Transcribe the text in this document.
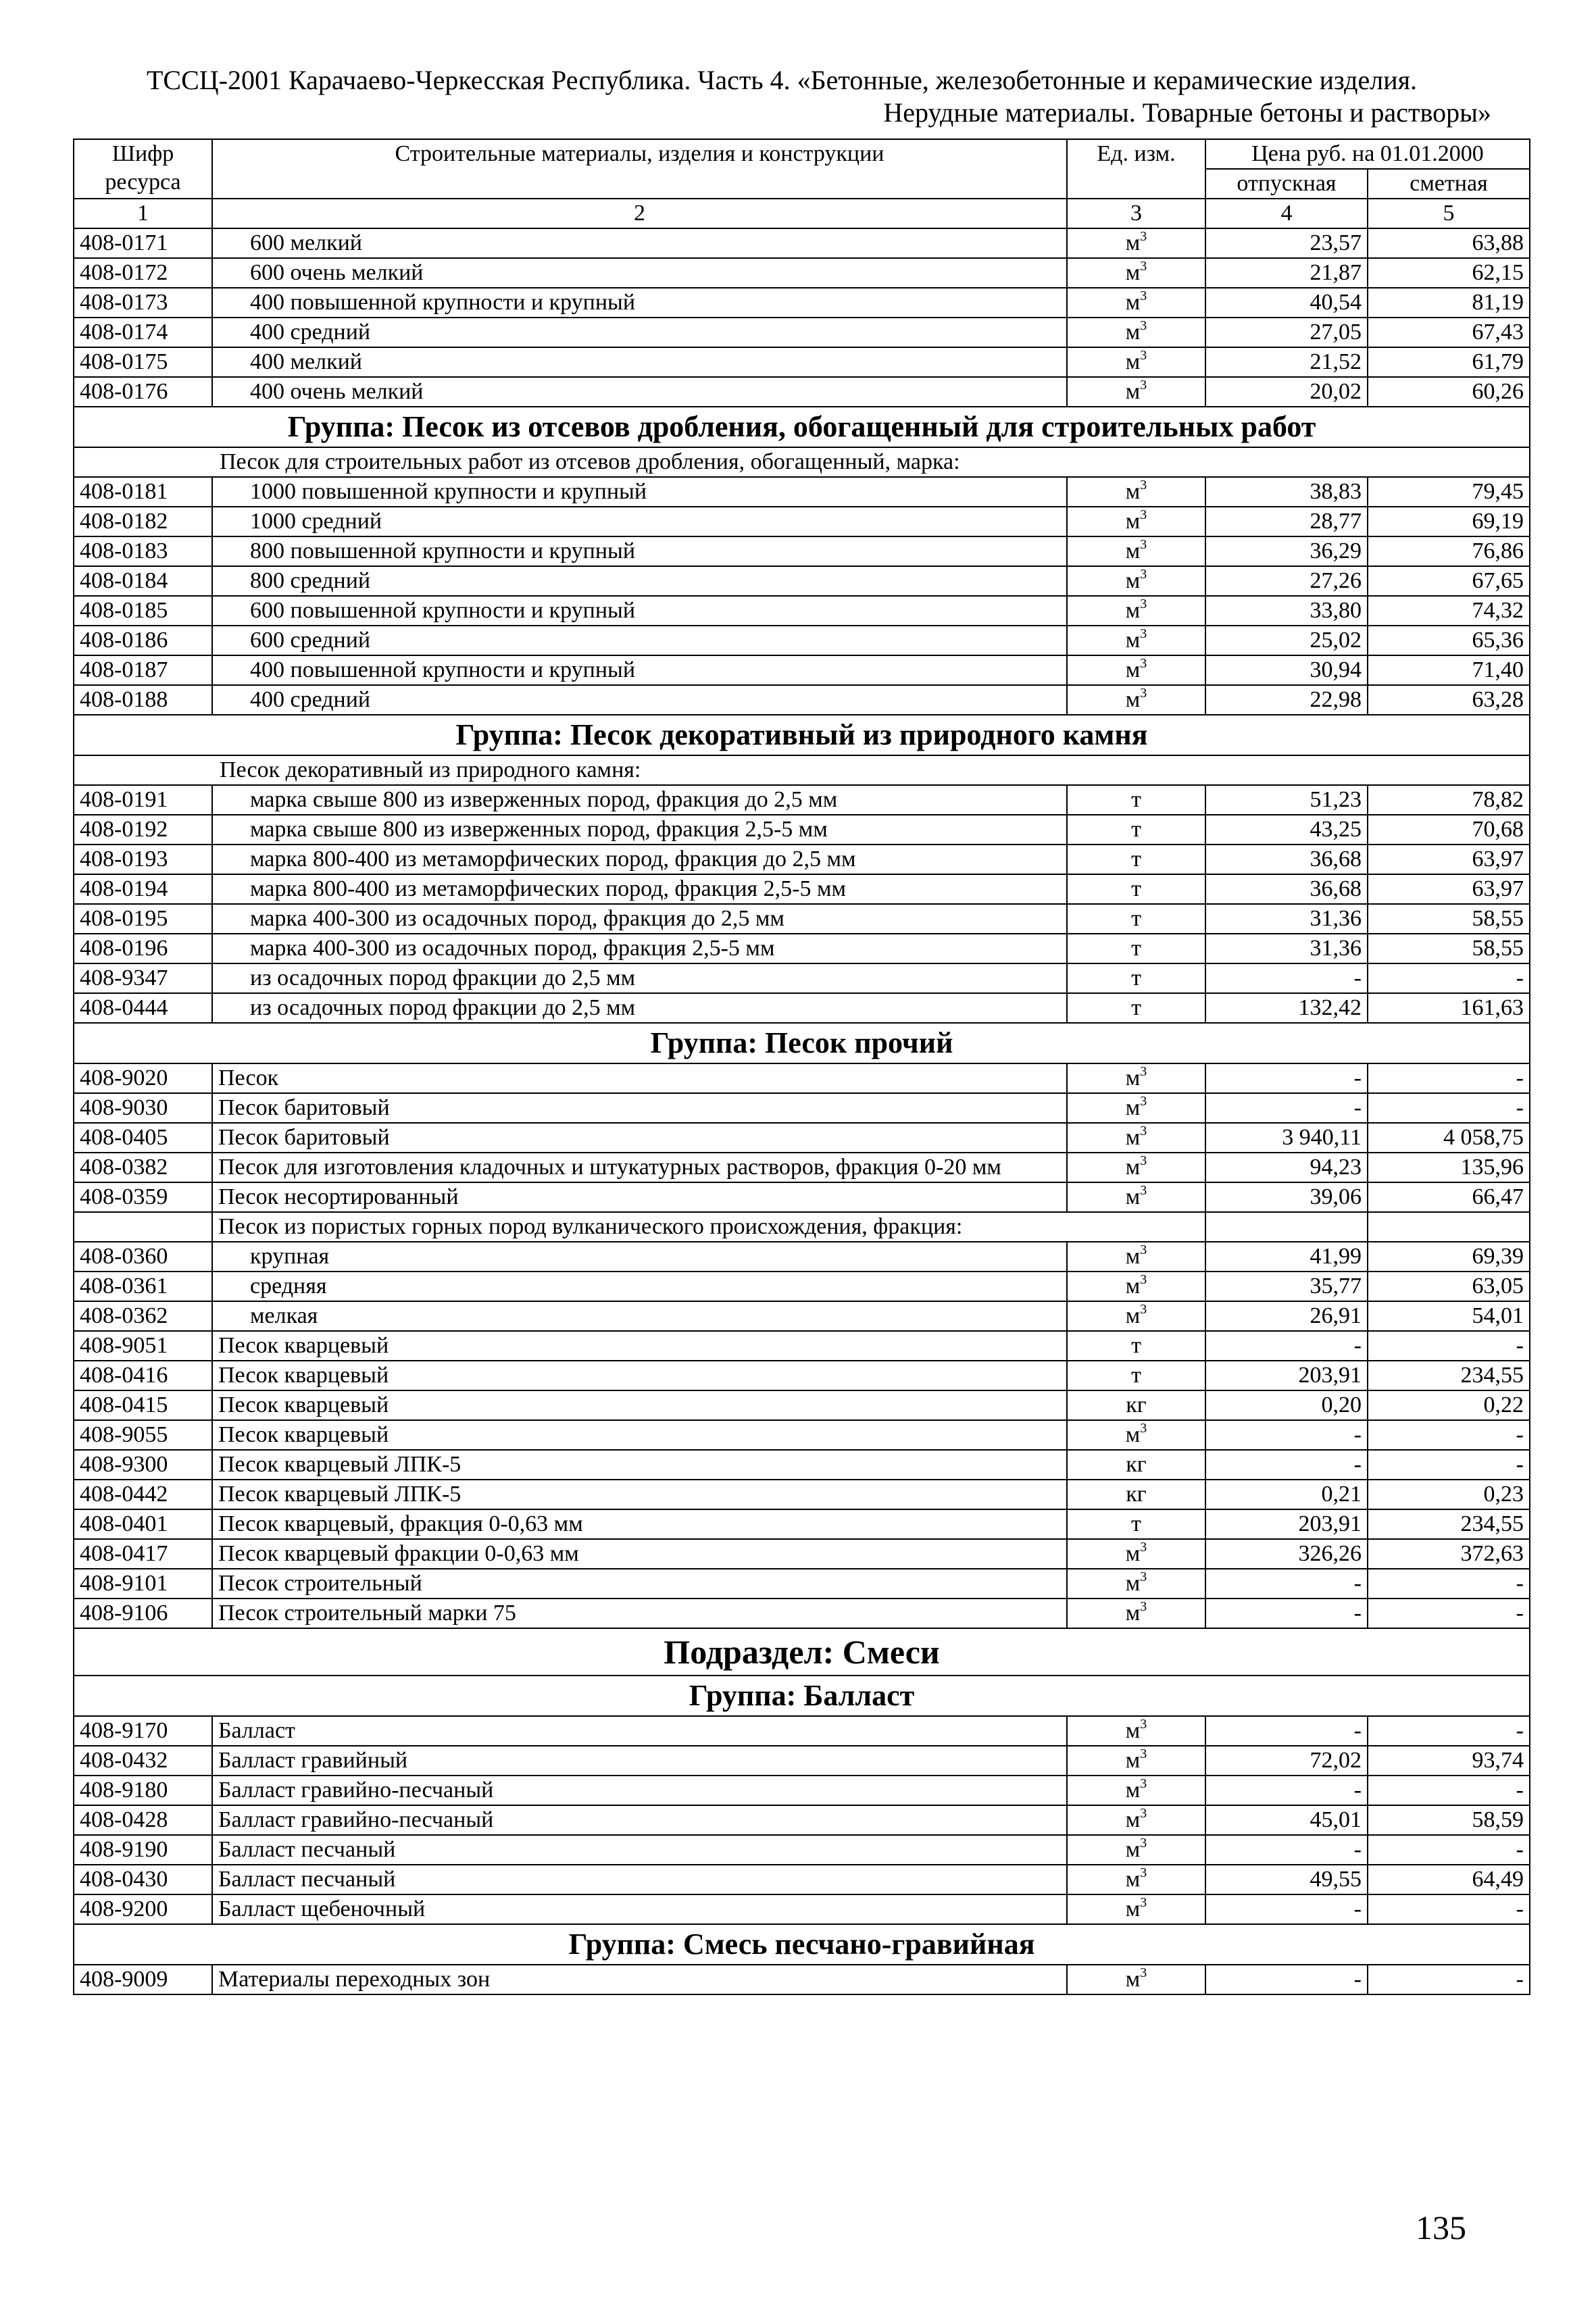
ТССЦ-2001 Карачаево-Черкесская Республика. Часть 4. «Бетонные, железобетонные и керамические изделия.
Нерудные материалы. Товарные бетоны и растворы»
Шифр ресурса	Строительные материалы, изделия и конструкции	Ед. изм.	Цена руб. на 01.01.2000	
			отпускная	сметная
1	2	3	4	5
408-0171	600 мелкий	$м^3$	23,57	63,88
408-0172	600 очень мелкий	$м^3$	21,87	62,15
408-0173	400 повышенной крупности и крупный	$м^3$	40,54	81,19
408-0174	400 средний	$м^3$	27,05	67,43
408-0175	400 мелкий	$м^3$	21,52	61,79
408-0176	400 очень мелкий	$м^3$	20,02	60,26
Группа: Песок из отсевов дробления, обогащенный для строительных работ				
Песок для строительных работ из отсевов дробления, обогащенный, марка:				
408-0181	1000 повышенной крупности и крупный	$м^3$	38,83	79,45
408-0182	1000 средний	$м^3$	28,77	69,19
408-0183	800 повышенной крупности и крупный	$м^3$	36,29	76,86
408-0184	800 средний	$м^3$	27,26	67,65
408-0185	600 повышенной крупности и крупный	$м^3$	33,80	74,32
408-0186	600 средний	$м^3$	25,02	65,36
408-0187	400 повышенной крупности и крупный	$м^3$	30,94	71,40
408-0188	400 средний	$м^3$	22,98	63,28
Группа: Песок декоративный из природного камня				
Песок декоративный из природного камня:				
408-0191	марка свыше 800 из изверженных пород, фракция до 2,5 мм	т	51,23	78,82
408-0192	марка свыше 800 из изверженных пород, фракция 2,5-5 мм	т	43,25	70,68
408-0193	марка 800-400 из метаморфических пород, фракция до 2,5 мм	т	36,68	63,97
408-0194	марка 800-400 из метаморфических пород, фракция 2,5-5 мм	т	36,68	63,97
408-0195	марка 400-300 из осадочных пород, фракция до 2,5 мм	т	31,36	58,55
408-0196	марка 400-300 из осадочных пород, фракция 2,5-5 мм	т	31,36	58,55
408-9347	из осадочных пород фракции до 2,5 мм	т	-	-
408-0444	из осадочных пород фракции до 2,5 мм	т	132,42	161,63
Группа: Песок прочий				
408-9020	Песок	$м^3$	-	-
408-9030	Песок баритовый	$м^3$	-	-
408-0405	Песок баритовый	$м^3$	3 940,11	4 058,75
408-0382	Песок для изготовления кладочных и штукатурных растворов, фракция 0-20 мм	$м^3$	94,23	135,96
408-0359	Песок несортированный	$м^3$	39,06	66,47
	Песок из пористых горных пород вулканического происхождения, фракция:			
408-0360	крупная	$м^3$	41,99	69,39
408-0361	средняя	$м^3$	35,77	63,05
408-0362	мелкая	$м^3$	26,91	54,01
408-9051	Песок кварцевый	т	-	-
408-0416	Песок кварцевый	т	203,91	234,55
408-0415	Песок кварцевый	кг	0,20	0,22
408-9055	Песок кварцевый	$м^3$	-	-
408-9300	Песок кварцевый ЛПК-5	кг	-	-
408-0442	Песок кварцевый ЛПК-5	кг	0,21	0,23
408-0401	Песок кварцевый, фракция 0-0,63 мм	т	203,91	234,55
408-0417	Песок кварцевый фракции 0-0,63 мм	$м^3$	326,26	372,63
408-9101	Песок строительный	$м^3$	-	-
408-9106	Песок строительный марки 75	$м^3$	-	-
Подраздел: Смеси				
Группа: Балласт				
408-9170	Балласт	$м^3$	-	-
408-0432	Балласт гравийный	$м^3$	72,02	93,74
408-9180	Балласт гравийно-песчаный	$м^3$	-	-
408-0428	Балласт гравийно-песчаный	$м^3$	45,01	58,59
408-9190	Балласт песчаный	$м^3$	-	-
408-0430	Балласт песчаный	$м^3$	49,55	64,49
408-9200	Балласт щебеночный	$м^3$	-	-
Группа: Смесь песчано-гравийная				
408-9009	Материалы переходных зон	$м^3$	-	-
135
